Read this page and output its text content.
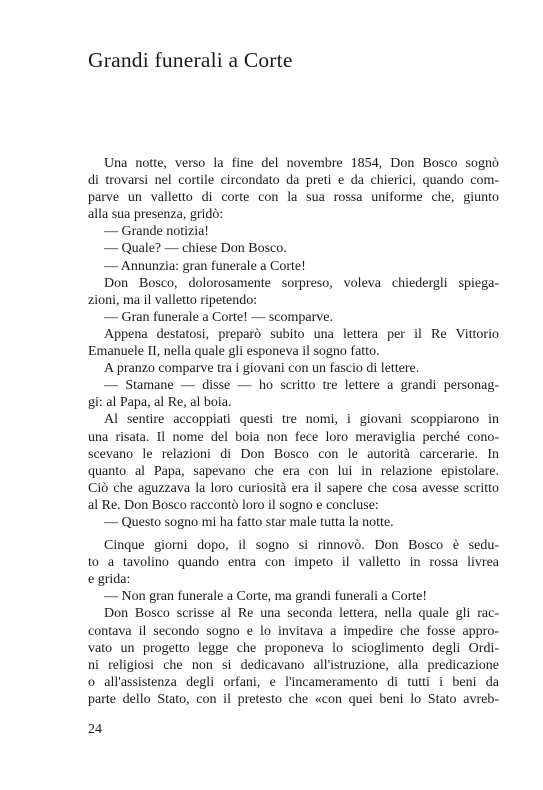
Grandi funerali a Corte
Una notte, verso la fine del novembre 1854, Don Bosco sognò
di trovarsi nel cortile circondato da preti e da chierici, quando com-
parve un valletto di corte con la sua rossa uniforme che, giunto
alla sua presenza, gridò:
— Grande notizia!
— Quale? — chiese Don Bosco.
— Annunzia: gran funerale a Corte!
Don Bosco, dolorosamente sorpreso, voleva chiedergli spiega-
zioni, ma il valletto ripetendo:
— Gran funerale a Corte! — scomparve.
Appena destatosi, preparò subito una lettera per il Re Vittorio
Emanuele II, nella quale gli esponeva il sogno fatto.
A pranzo comparve tra i giovani con un fascio di lettere.
— Stamane — disse — ho scritto tre lettere a grandi personag-
gi: al Papa, al Re, al boia.
Al sentire accoppiati questi tre nomi, i giovani scoppiarono in
una risata. Il nome del boia non fece loro meraviglia perché cono-
scevano le relazioni di Don Bosco con le autorità carcerarie. In
quanto al Papa, sapevano che era con lui in relazione epistolare.
Ciò che aguzzava la loro curiosità era il sapere che cosa avesse scritto
al Re. Don Bosco raccontò loro il sogno e concluse:
— Questo sogno mi ha fatto star male tutta la notte.
Cinque giorni dopo, il sogno si rinnovò. Don Bosco è sedu-
to a tavolino quando entra con impeto il valletto in rossa livrea
e grida:
— Non gran funerale a Corte, ma grandi funerali a Corte!
Don Bosco scrisse al Re una seconda lettera, nella quale gli rac-
contava il secondo sogno e lo invitava a impedire che fosse appro-
vato un progetto legge che proponeva lo scioglimento degli Ordi-
ni religiosi che non si dedicavano all'istruzione, alla predicazione
o all'assistenza degli orfani, e l'incameramento di tutti i beni da
parte dello Stato, con il pretesto che «con quei beni lo Stato avreb-
24
